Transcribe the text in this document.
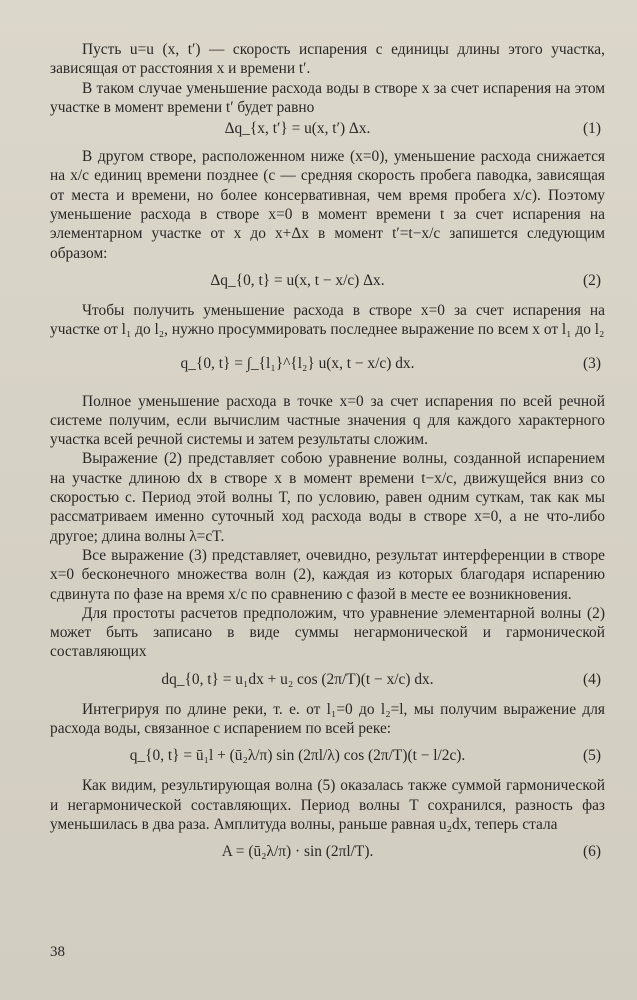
Пусть u=u (x, t′) — скорость испарения с единицы длины этого участка, зависящая от расстояния x и времени t′.

В таком случае уменьшение расхода воды в створе x за счет испарения на этом участке в момент времени t′ будет равно

Δq_{x, t′} = u(x, t′) Δx.	(1)

В другом створе, расположенном ниже (x=0), уменьшение расхода снижается на x/c единиц времени позднее (c — средняя скорость пробега паводка, зависящая от места и времени, но более консервативная, чем время пробега x/c). Поэтому уменьшение расхода в створе x=0 в момент времени t за счет испарения на элементарном участке от x до x+Δx в момент t′=t−x/c запишется следующим образом:

Δq_{0, t} = u(x, t − x/c) Δx.	(2)

Чтобы получить уменьшение расхода в створе x=0 за счет испарения на участке от l₁ до l₂, нужно просуммировать последнее выражение по всем x от l₁ до l₂

q_{0, t} = ∫_{l₁}^{l₂} u(x, t − x/c) dx.	(3)

Полное уменьшение расхода в точке x=0 за счет испарения по всей речной системе получим, если вычислим частные значения q для каждого характерного участка всей речной системы и затем результаты сложим.

Выражение (2) представляет собою уравнение волны, созданной испарением на участке длиною dx в створе x в момент времени t−x/c, движущейся вниз со скоростью c. Период этой волны T, по условию, равен одним суткам, так как мы рассматриваем именно суточный ход расхода воды в створе x=0, а не что-либо другое; длина волны λ=cT.

Все выражение (3) представляет, очевидно, результат интерференции в створе x=0 бесконечного множества волн (2), каждая из которых благодаря испарению сдвинута по фазе на время x/c по сравнению с фазой в месте ее возникновения.

Для простоты расчетов предположим, что уравнение элементарной волны (2) может быть записано в виде суммы негармонической и гармонической составляющих

dq_{0, t} = u₁dx + u₂ cos (2π/T)(t − x/c) dx.	(4)

Интегрируя по длине реки, т. е. от l₁=0 до l₂=l, мы получим выражение для расхода воды, связанное с испарением по всей реке:

q_{0, t} = ū₁l + (ū₂λ/π) sin (2πl/λ) cos (2π/T)(t − l/2c).	(5)

Как видим, результирующая волна (5) оказалась также суммой гармонической и негармонической составляющих. Период волны T сохранился, разность фаз уменьшилась в два раза. Амплитуда волны, раньше равная u₂dx, теперь стала

A = (ū₂λ/π) · sin (2πl/T).	(6)
38
